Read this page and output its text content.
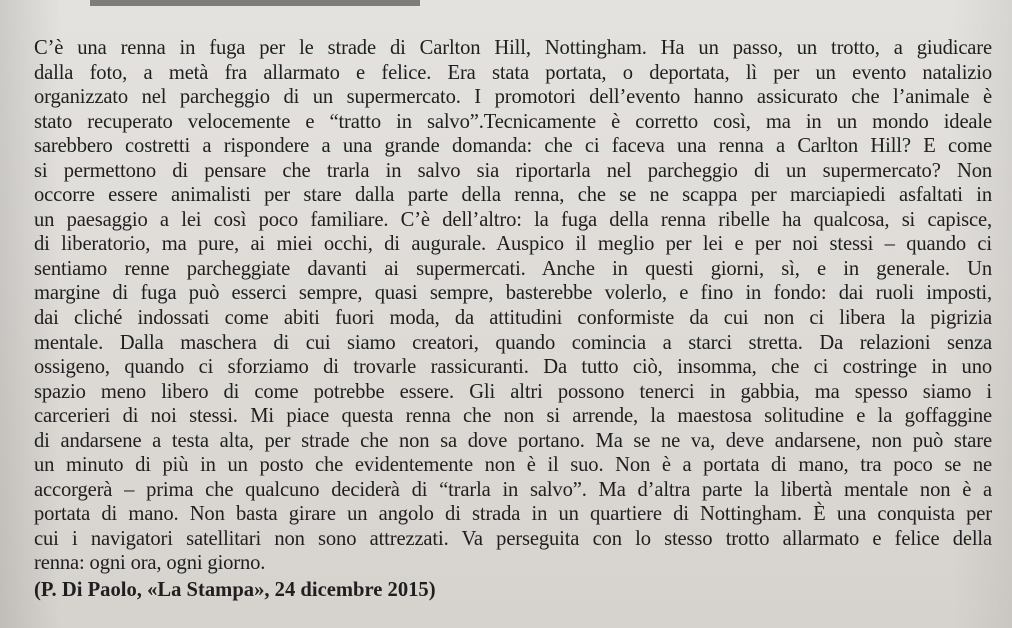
C’è una renna in fuga per le strade di Carlton Hill, Nottingham. Ha un passo, un trotto, a giudicare
dalla foto, a metà fra allarmato e felice. Era stata portata, o deportata, lì per un evento natalizio
organizzato nel parcheggio di un supermercato. I promotori dell’evento hanno assicurato che l’animale è
stato recuperato velocemente e “tratto in salvo”.Tecnicamente è corretto così, ma in un mondo ideale
sarebbero costretti a rispondere a una grande domanda: che ci faceva una renna a Carlton Hill? E come
si permettono di pensare che trarla in salvo sia riportarla nel parcheggio di un supermercato? Non
occorre essere animalisti per stare dalla parte della renna, che se ne scappa per marciapiedi asfaltati in
un paesaggio a lei così poco familiare. C’è dell’altro: la fuga della renna ribelle ha qualcosa, si capisce,
di liberatorio, ma pure, ai miei occhi, di augurale. Auspico il meglio per lei e per noi stessi – quando ci
sentiamo renne parcheggiate davanti ai supermercati. Anche in questi giorni, sì, e in generale. Un
margine di fuga può esserci sempre, quasi sempre, basterebbe volerlo, e fino in fondo: dai ruoli imposti,
dai cliché indossati come abiti fuori moda, da attitudini conformiste da cui non ci libera la pigrizia
mentale. Dalla maschera di cui siamo creatori, quando comincia a starci stretta. Da relazioni senza
ossigeno, quando ci sforziamo di trovarle rassicuranti. Da tutto ciò, insomma, che ci costringe in uno
spazio meno libero di come potrebbe essere. Gli altri possono tenerci in gabbia, ma spesso siamo i
carcerieri di noi stessi. Mi piace questa renna che non si arrende, la maestosa solitudine e la goffaggine
di andarsene a testa alta, per strade che non sa dove portano. Ma se ne va, deve andarsene, non può stare
un minuto di più in un posto che evidentemente non è il suo. Non è a portata di mano, tra poco se ne
accorgerà – prima che qualcuno deciderà di “trarla in salvo”. Ma d’altra parte la libertà mentale non è a
portata di mano. Non basta girare un angolo di strada in un quartiere di Nottingham. È una conquista per
cui i navigatori satellitari non sono attrezzati. Va perseguita con lo stesso trotto allarmato e felice della
renna: ogni ora, ogni giorno.
(P. Di Paolo, «La Stampa», 24 dicembre 2015)
